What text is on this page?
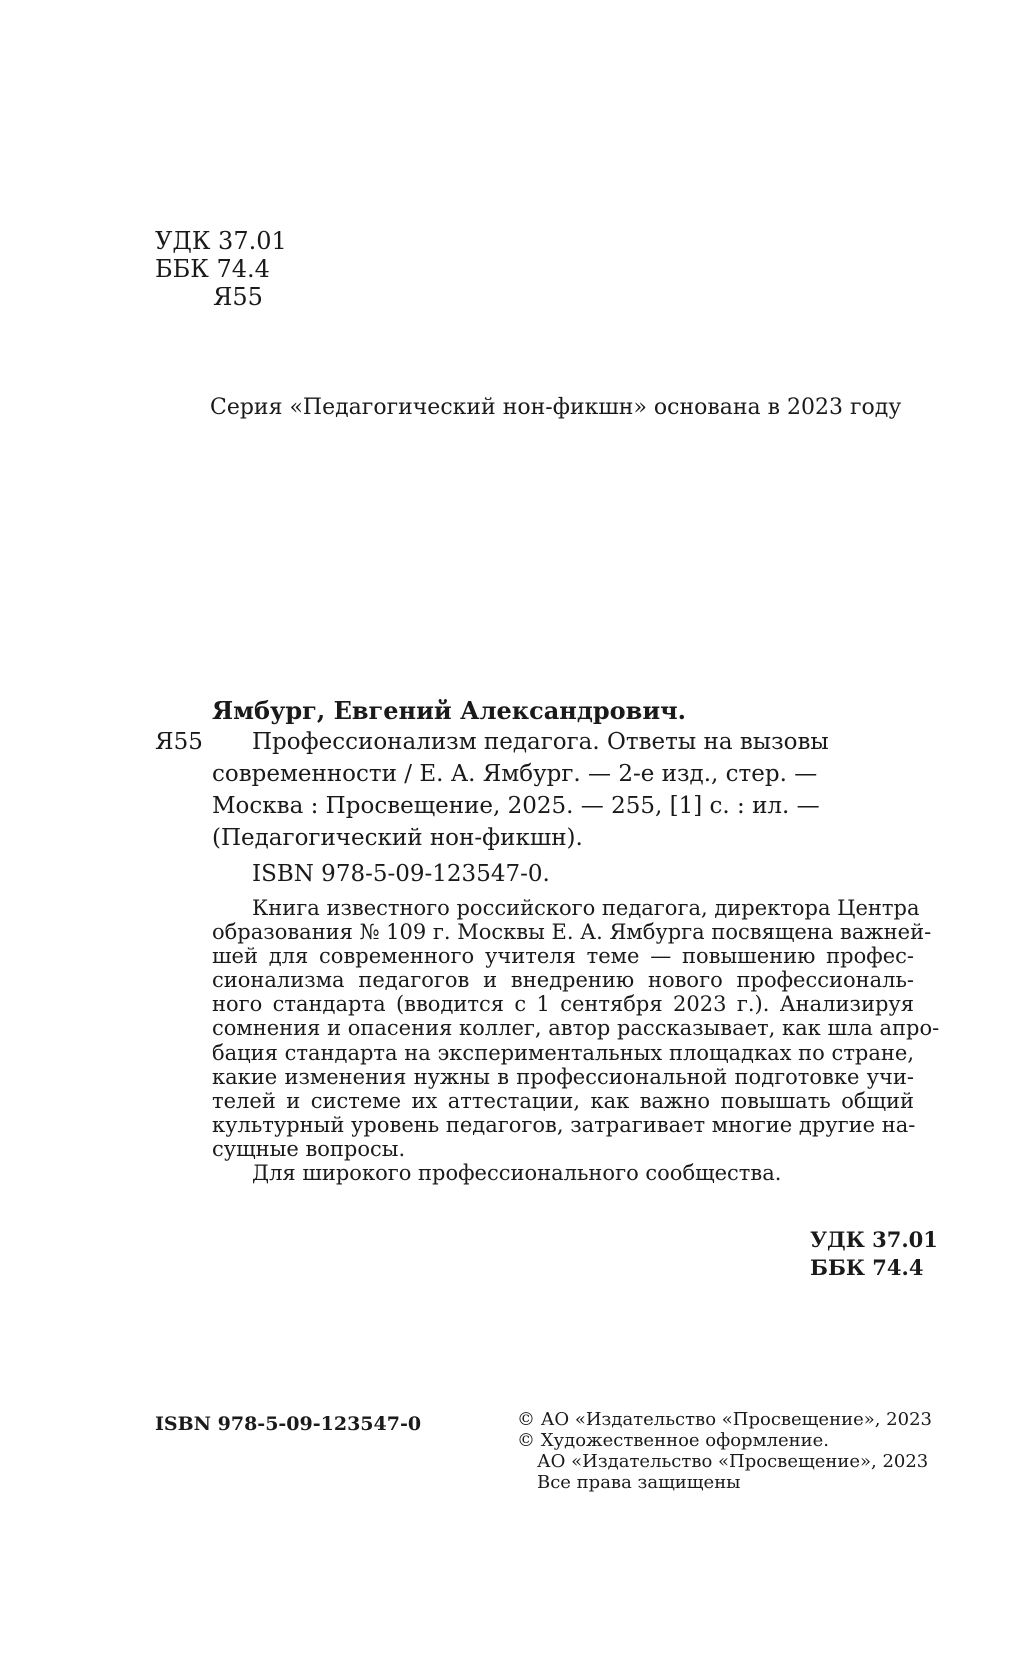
УДК 37.01
ББК 74.4
Я55
Серия «Педагогический нон-фикшн» основана в 2023 году
Ямбург, Евгений Александрович.
Я55 Профессионализм педагога. Ответы на вызовы
современности / Е. А. Ямбург. — 2-е изд., стер. —
Москва : Просвещение, 2025. — 255, [1] с. : ил. —
(Педагогический нон-фикшн).
ISBN 978-5-09-123547-0.
Книга известного российского педагога, директора Центра
образования № 109 г. Москвы Е. А. Ямбурга посвящена важней-
шей для современного учителя теме — повышению профес-
сионализма педагогов и внедрению нового профессиональ-
ного стандарта (вводится с 1 сентября 2023 г.). Анализируя
сомнения и опасения коллег, автор рассказывает, как шла апро-
бация стандарта на экспериментальных площадках по стране,
какие изменения нужны в профессиональной подготовке учи-
телей и системе их аттестации, как важно повышать общий
культурный уровень педагогов, затрагивает многие другие на-
сущные вопросы.
Для широкого профессионального сообщества.
УДК 37.01
ББК 74.4
ISBN 978-5-09-123547-0	© АО «Издательство «Просвещение», 2023
© Художественное оформление.
АО «Издательство «Просвещение», 2023
Все права защищены
